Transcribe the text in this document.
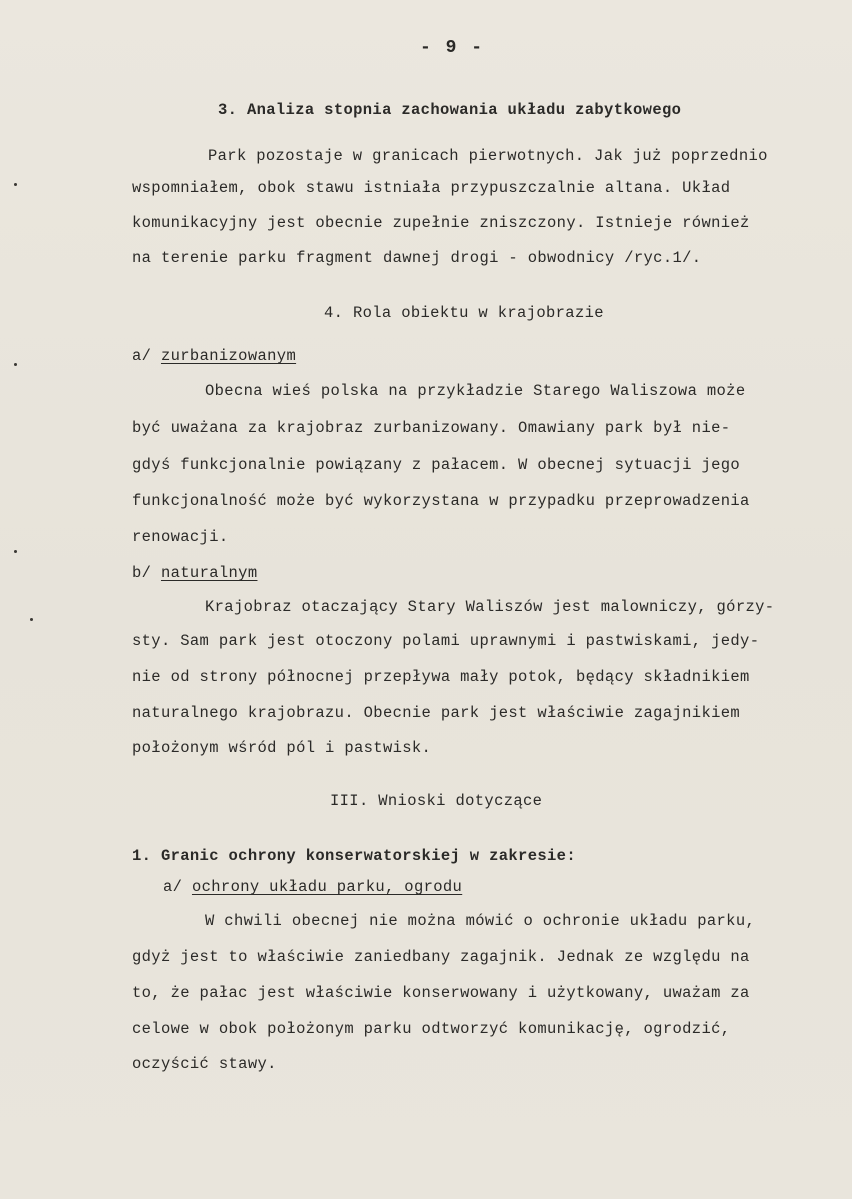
- 9 -
3. Analiza stopnia zachowania układu zabytkowego
Park pozostaje w granicach pierwotnych. Jak już poprzednio
wspomniałem, obok stawu istniała przypuszczalnie altana. Układ
komunikacyjny jest obecnie zupełnie zniszczony. Istnieje również
na terenie parku fragment dawnej drogi - obwodnicy /ryc.1/.
4. Rola obiektu w krajobrazie
a/ zurbanizowanym
Obecna wieś polska na przykładzie Starego Waliszowa może
być uważana za krajobraz zurbanizowany. Omawiany park był nie-
gdyś funkcjonalnie powiązany z pałacem. W obecnej sytuacji jego
funkcjonalność może być wykorzystana w przypadku przeprowadzenia
renowacji.
b/ naturalnym
Krajobraz otaczający Stary Waliszów jest malowniczy, górzy-
sty. Sam park jest otoczony polami uprawnymi i pastwiskami, jedy-
nie od strony północnej przepływa mały potok, będący składnikiem
naturalnego krajobrazu. Obecnie park jest właściwie zagajnikiem
położonym wśród pól i pastwisk.
III. Wnioski dotyczące
1. Granic ochrony konserwatorskiej w zakresie:
a/ ochrony układu parku, ogrodu
W chwili obecnej nie można mówić o ochronie układu parku,
gdyż jest to właściwie zaniedbany zagajnik. Jednak ze względu na
to, że pałac jest właściwie konserwowany i użytkowany, uważam za
celowe w obok położonym parku odtworzyć komunikację, ogrodzić,
oczyścić stawy.
